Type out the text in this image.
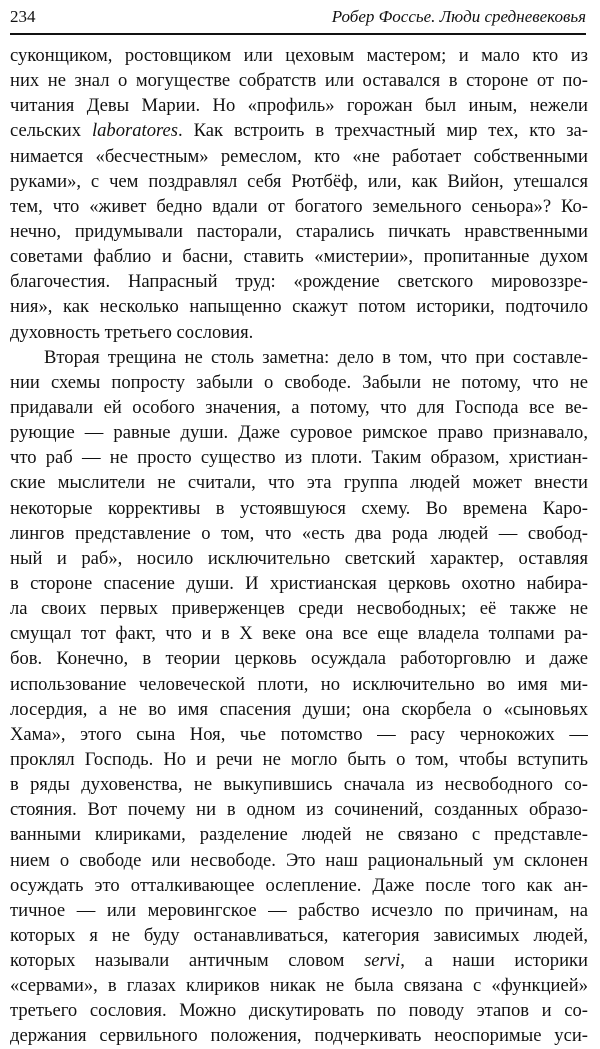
234	Робер Фоссье. Люди средневековья
суконщиком, ростовщиком или цеховым мастером; и мало кто из
них не знал о могуществе собратств или оставался в стороне от по-
читания Девы Марии. Но «профиль» горожан был иным, нежели
сельских laboratores. Как встроить в трехчастный мир тех, кто за-
нимается «бесчестным» ремеслом, кто «не работает собственными
руками», с чем поздравлял себя Рютбёф, или, как Вийон, утешался
тем, что «живет бедно вдали от богатого земельного сеньора»? Ко-
нечно, придумывали пасторали, старались пичкать нравственными
советами фаблио и басни, ставить «мистерии», пропитанные духом
благочестия. Напрасный труд: «рождение светского мировоззре-
ния», как несколько напыщенно скажут потом историки, подточило
духовность третьего сословия.
Вторая трещина не столь заметна: дело в том, что при составле-
нии схемы попросту забыли о свободе. Забыли не потому, что не
придавали ей особого значения, а потому, что для Господа все ве-
рующие — равные души. Даже суровое римское право признавало,
что раб — не просто существо из плоти. Таким образом, христиан-
ские мыслители не считали, что эта группа людей может внести
некоторые коррективы в устоявшуюся схему. Во времена Каро-
лингов представление о том, что «есть два рода людей — свобод-
ный и раб», носило исключительно светский характер, оставляя
в стороне спасение души. И христианская церковь охотно набира-
ла своих первых приверженцев среди несвободных; её также не
смущал тот факт, что и в X веке она все еще владела толпами ра-
бов. Конечно, в теории церковь осуждала работорговлю и даже
использование человеческой плоти, но исключительно во имя ми-
лосердия, а не во имя спасения души; она скорбела о «сыновьях
Хама», этого сына Ноя, чье потомство — расу чернокожих —
проклял Господь. Но и речи не могло быть о том, чтобы вступить
в ряды духовенства, не выкупившись сначала из несвободного со-
стояния. Вот почему ни в одном из сочинений, созданных образо-
ванными клириками, разделение людей не связано с представле-
нием о свободе или несвободе. Это наш рациональный ум склонен
осуждать это отталкивающее ослепление. Даже после того как ан-
тичное — или меровингское — рабство исчезло по причинам, на
которых я не буду останавливаться, категория зависимых людей,
которых называли античным словом servi, а наши историки
«сервами», в глазах клириков никак не была связана с «функцией»
третьего сословия. Можно дискутировать по поводу этапов и со-
держания сервильного положения, подчеркивать неоспоримые уси-
